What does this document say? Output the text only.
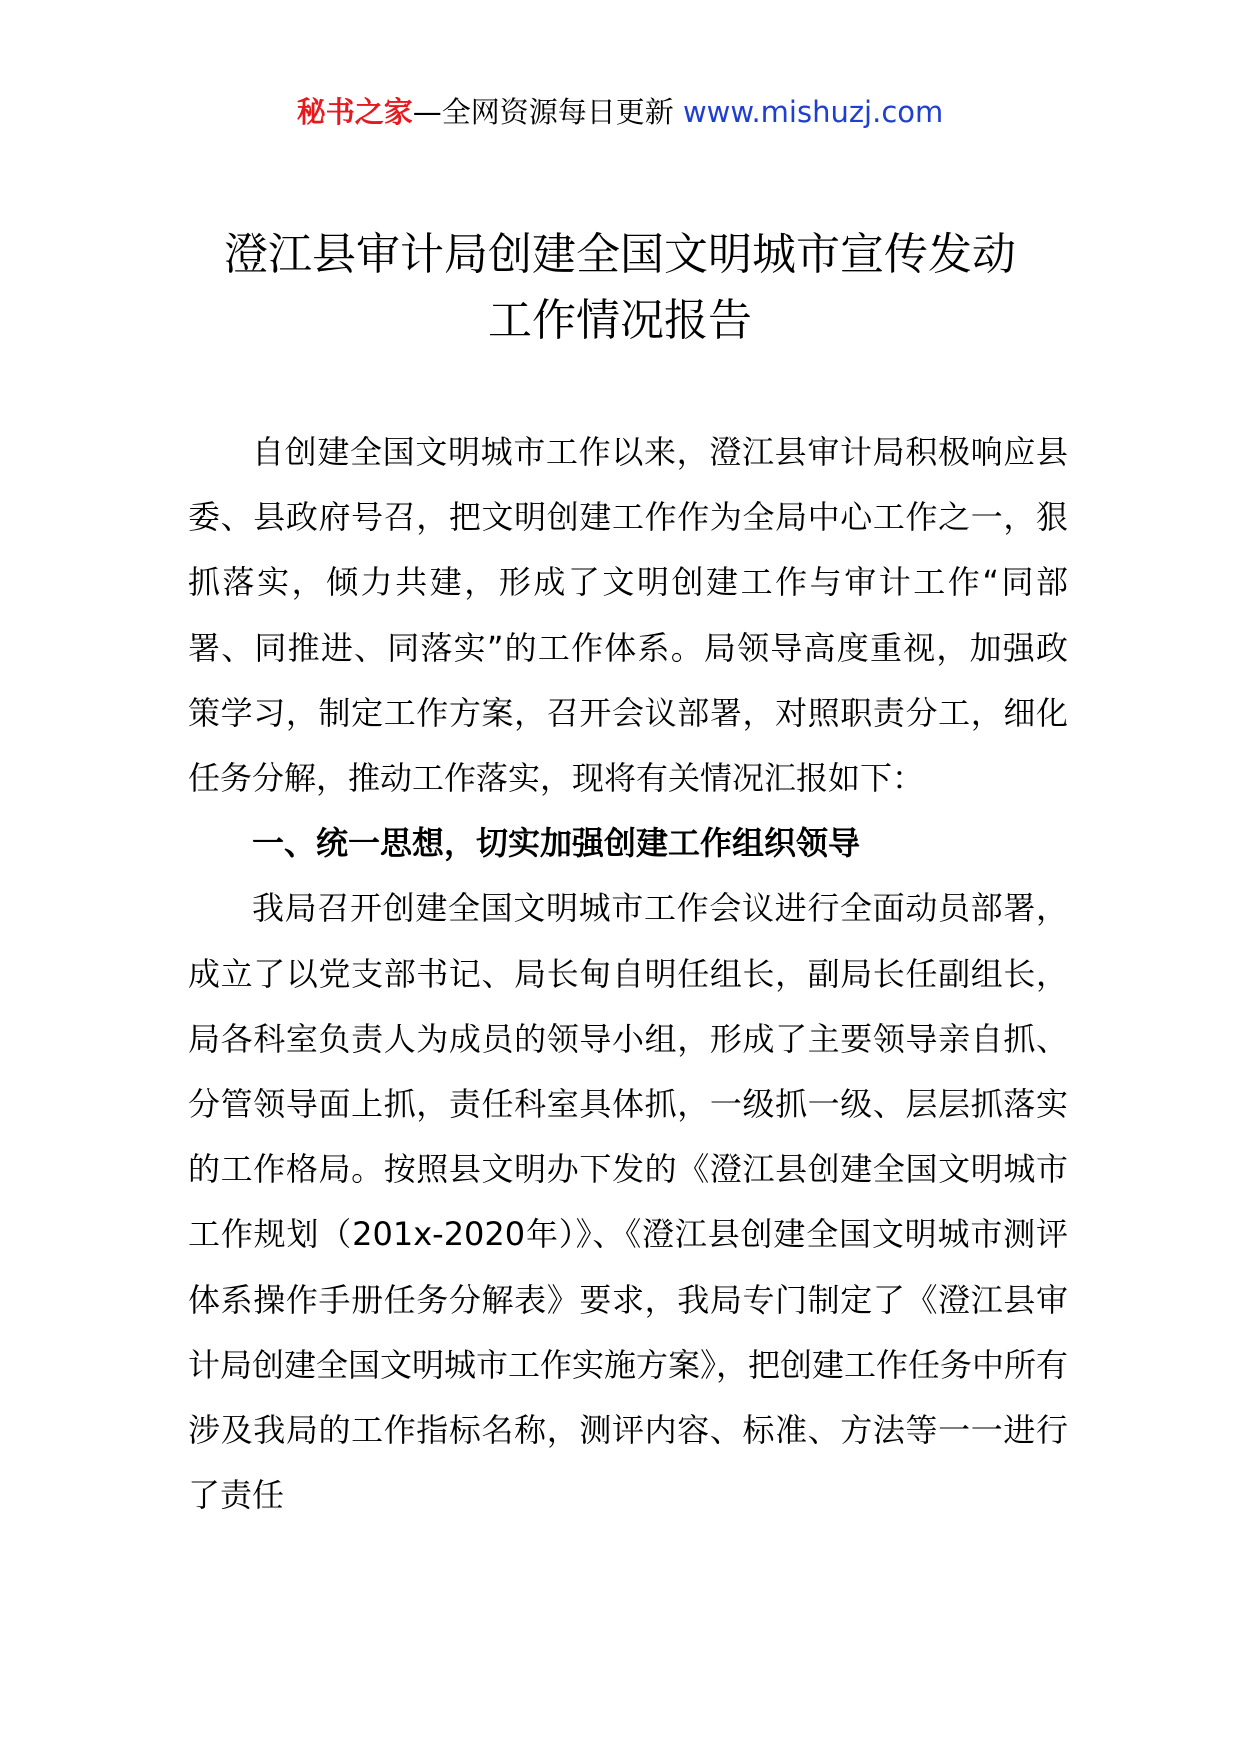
秘书之家—全网资源每日更新 www.mishuzj.com
澄江县审计局创建全国文明城市宣传发动
工作情况报告

自创建全国文明城市工作以来，澄江县审计局积极响应县委、县政府号召，把文明创建工作作为全局中心工作之一，狠抓落实，倾力共建，形成了文明创建工作与审计工作“同部署、同推进、同落实”的工作体系。局领导高度重视，加强政策学习，制定工作方案，召开会议部署，对照职责分工，细化任务分解，推动工作落实，现将有关情况汇报如下：

一、统一思想，切实加强创建工作组织领导

我局召开创建全国文明城市工作会议进行全面动员部署，成立了以党支部书记、局长甸自明任组长，副局长任副组长，局各科室负责人为成员的领导小组，形成了主要领导亲自抓、分管领导面上抓，责任科室具体抓，一级抓一级、层层抓落实的工作格局。按照县文明办下发的《澄江县创建全国文明城市工作规划（201x-2020年）》、《澄江县创建全国文明城市测评体系操作手册任务分解表》要求，我局专门制定了《澄江县审计局创建全国文明城市工作实施方案》，把创建工作任务中所有涉及我局的工作指标名称，测评内容、标准、方法等一一进行了责任
